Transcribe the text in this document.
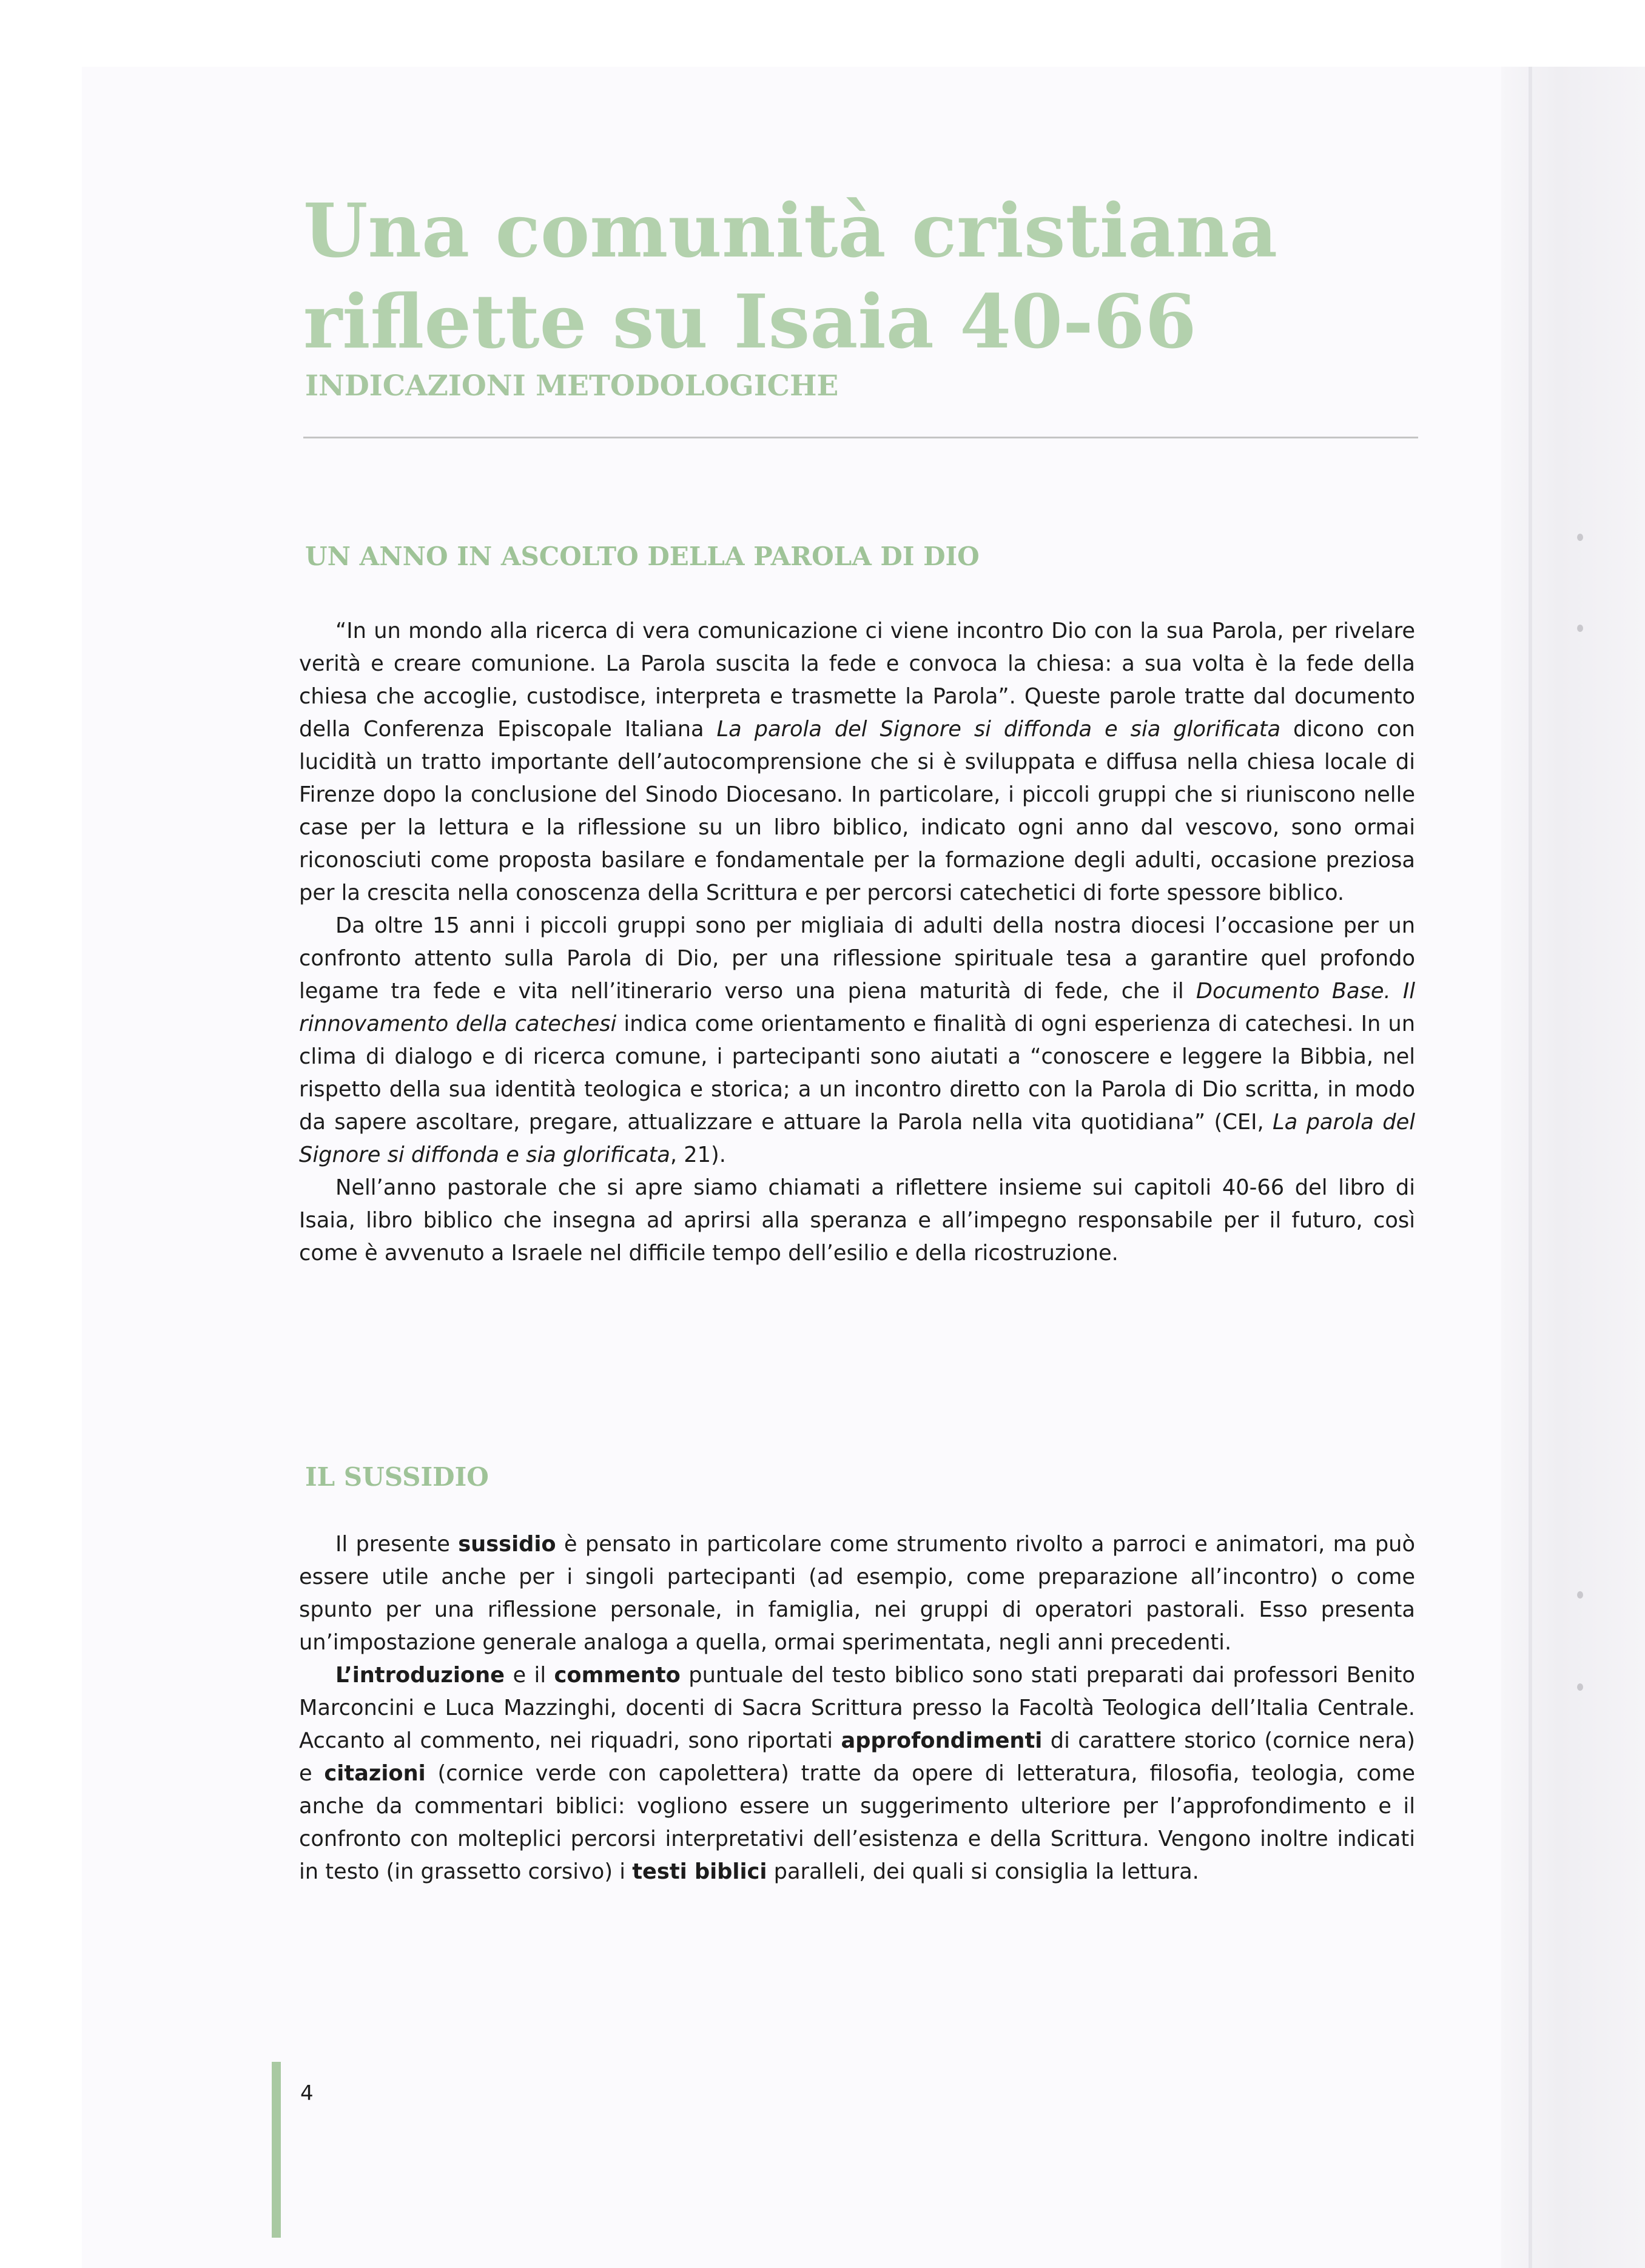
Una comunità cristiana
riflette su Isaia 40-66
INDICAZIONI METODOLOGICHE
UN ANNO IN ASCOLTO DELLA PAROLA DI DIO

“In un mondo alla ricerca di vera comunicazione ci viene incontro Dio con la sua Parola, per rivelare verità e creare comunione. La Parola suscita la fede e convoca la chiesa: a sua volta è la fede della chiesa che accoglie, custodisce, interpreta e trasmette la Parola”. Queste parole tratte dal documento della Conferenza Episcopale Italiana La parola del Signore si diffonda e sia glorificata dicono con lucidità un tratto importante dell’autocomprensione che si è sviluppata e diffusa nella chiesa locale di Firenze dopo la conclusione del Sinodo Diocesano. In particolare, i piccoli gruppi che si riuniscono nelle case per la lettura e la riflessione su un libro biblico, indicato ogni anno dal vescovo, sono ormai riconosciuti come proposta basilare e fondamentale per la formazione degli adulti, occasione preziosa per la crescita nella conoscenza della Scrittura e per percorsi catechetici di forte spessore biblico.

Da oltre 15 anni i piccoli gruppi sono per migliaia di adulti della nostra diocesi l’occasione per un confronto attento sulla Parola di Dio, per una riflessione spirituale tesa a garantire quel profondo legame tra fede e vita nell’itinerario verso una piena maturità di fede, che il Documento Base. Il rinnovamento della catechesi indica come orientamento e finalità di ogni esperienza di catechesi. In un clima di dialogo e di ricerca comune, i partecipanti sono aiutati a “conoscere e leggere la Bibbia, nel rispetto della sua identità teologica e storica; a un incontro diretto con la Parola di Dio scritta, in modo da sapere ascoltare, pregare, attualizzare e attuare la Parola nella vita quotidiana” (CEI, La parola del Signore si diffonda e sia glorificata, 21).

Nell’anno pastorale che si apre siamo chiamati a riflettere insieme sui capitoli 40-66 del libro di Isaia, libro biblico che insegna ad aprirsi alla speranza e all’impegno responsabile per il futuro, così come è avvenuto a Israele nel difficile tempo dell’esilio e della ricostruzione.

IL SUSSIDIO

Il presente sussidio è pensato in particolare come strumento rivolto a parroci e animatori, ma può essere utile anche per i singoli partecipanti (ad esempio, come preparazione all’incontro) o come spunto per una riflessione personale, in famiglia, nei gruppi di operatori pastorali. Esso presenta un’impostazione generale analoga a quella, ormai sperimentata, negli anni precedenti.

L’introduzione e il commento puntuale del testo biblico sono stati preparati dai professori Benito Marconcini e Luca Mazzinghi, docenti di Sacra Scrittura presso la Facoltà Teologica dell’Italia Centrale. Accanto al commento, nei riquadri, sono riportati approfondimenti di carattere storico (cornice nera) e citazioni (cornice verde con capolettera) tratte da opere di letteratura, filosofia, teologia, come anche da commentari biblici: vogliono essere un suggerimento ulteriore per l’approfondimento e il confronto con molteplici percorsi interpretativi dell’esistenza e della Scrittura. Vengono inoltre indicati in testo (in grassetto corsivo) i testi biblici paralleli, dei quali si consiglia la lettura.

4
